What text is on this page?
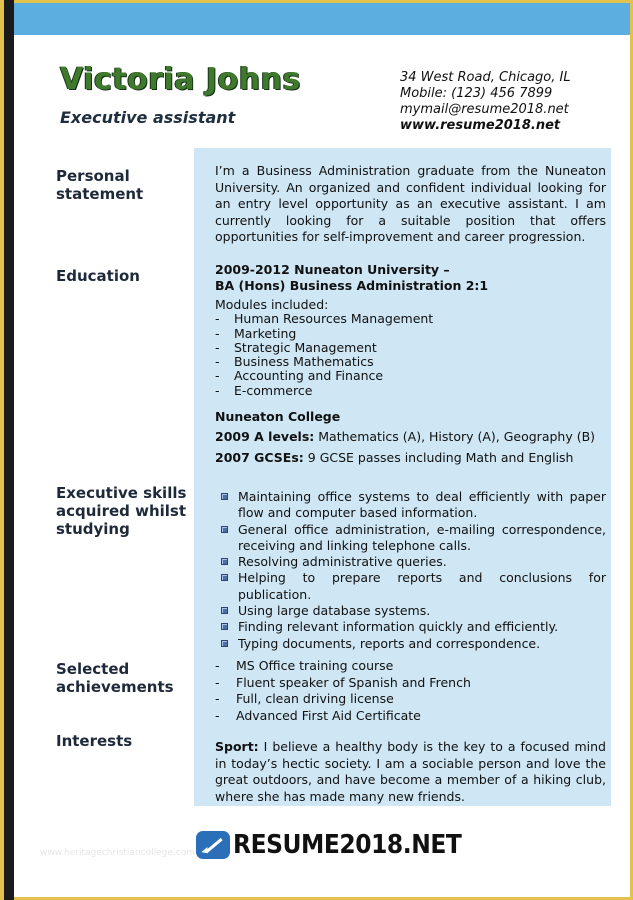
Victoria Johns
Executive assistant
34 West Road, Chicago, IL
Mobile: (123) 456 7899
mymail@resume2018.net
www.resume2018.net
Personal
statement
I’m a Business Administration graduate from the Nuneaton University. An organized and confident individual looking for an entry level opportunity as an executive assistant. I am currently looking for a suitable position that offers opportunities for self-improvement and career progression.
Education	2009-2012 Nuneaton University –
BA (Hons) Business Administration 2:1
Modules included:
- Human Resources Management
- Marketing
- Strategic Management
- Business Mathematics
- Accounting and Finance
- E-commerce
Nuneaton College
2009 A levels: Mathematics (A), History (A), Geography (B)
2007 GCSEs: 9 GCSE passes including Math and English
Executive skills
acquired whilst
studying
Maintaining office systems to deal efficiently with paper flow and computer based information.
General office administration, e-mailing correspondence, receiving and linking telephone calls.
Resolving administrative queries.
Helping to prepare reports and conclusions for publication.
Using large database systems.
Finding relevant information quickly and efficiently.
Typing documents, reports and correspondence.
Selected
achievements
- MS Office training course
- Fluent speaker of Spanish and French
- Full, clean driving license
- Advanced First Aid Certificate
Interests	Sport: I believe a healthy body is the key to a focused mind in today’s hectic society. I am a sociable person and love the great outdoors, and have become a member of a hiking club, where she has made many new friends.
www.heritagechristiancollege.com RESUME2018.NET
